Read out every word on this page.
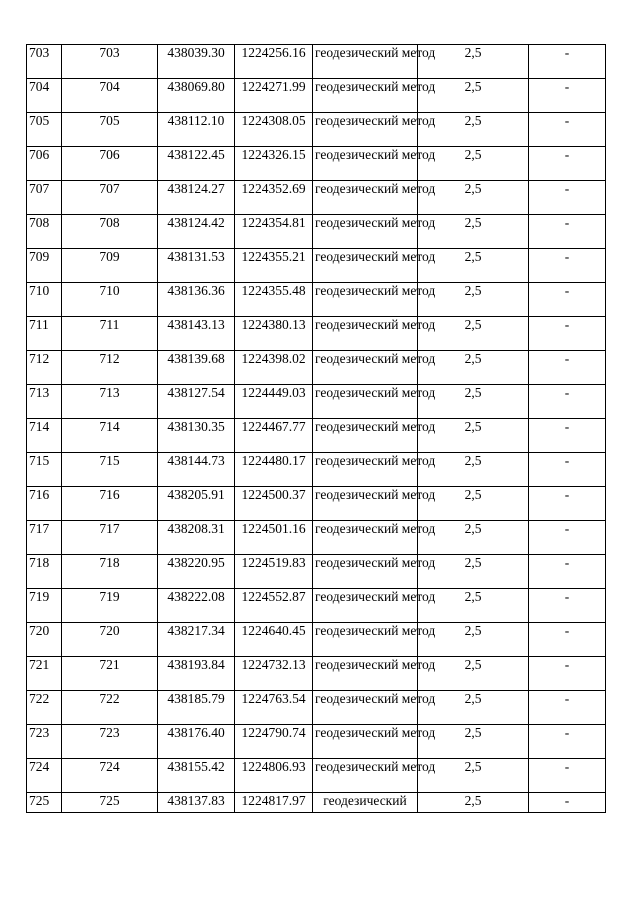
703	703	438039.30	1224256.16	геодезический метод	2,5	-
704	704	438069.80	1224271.99	геодезический метод	2,5	-
705	705	438112.10	1224308.05	геодезический метод	2,5	-
706	706	438122.45	1224326.15	геодезический метод	2,5	-
707	707	438124.27	1224352.69	геодезический метод	2,5	-
708	708	438124.42	1224354.81	геодезический метод	2,5	-
709	709	438131.53	1224355.21	геодезический метод	2,5	-
710	710	438136.36	1224355.48	геодезический метод	2,5	-
711	711	438143.13	1224380.13	геодезический метод	2,5	-
712	712	438139.68	1224398.02	геодезический метод	2,5	-
713	713	438127.54	1224449.03	геодезический метод	2,5	-
714	714	438130.35	1224467.77	геодезический метод	2,5	-
715	715	438144.73	1224480.17	геодезический метод	2,5	-
716	716	438205.91	1224500.37	геодезический метод	2,5	-
717	717	438208.31	1224501.16	геодезический метод	2,5	-
718	718	438220.95	1224519.83	геодезический метод	2,5	-
719	719	438222.08	1224552.87	геодезический метод	2,5	-
720	720	438217.34	1224640.45	геодезический метод	2,5	-
721	721	438193.84	1224732.13	геодезический метод	2,5	-
722	722	438185.79	1224763.54	геодезический метод	2,5	-
723	723	438176.40	1224790.74	геодезический метод	2,5	-
724	724	438155.42	1224806.93	геодезический метод	2,5	-
725	725	438137.83	1224817.97	геодезический	2,5	-
